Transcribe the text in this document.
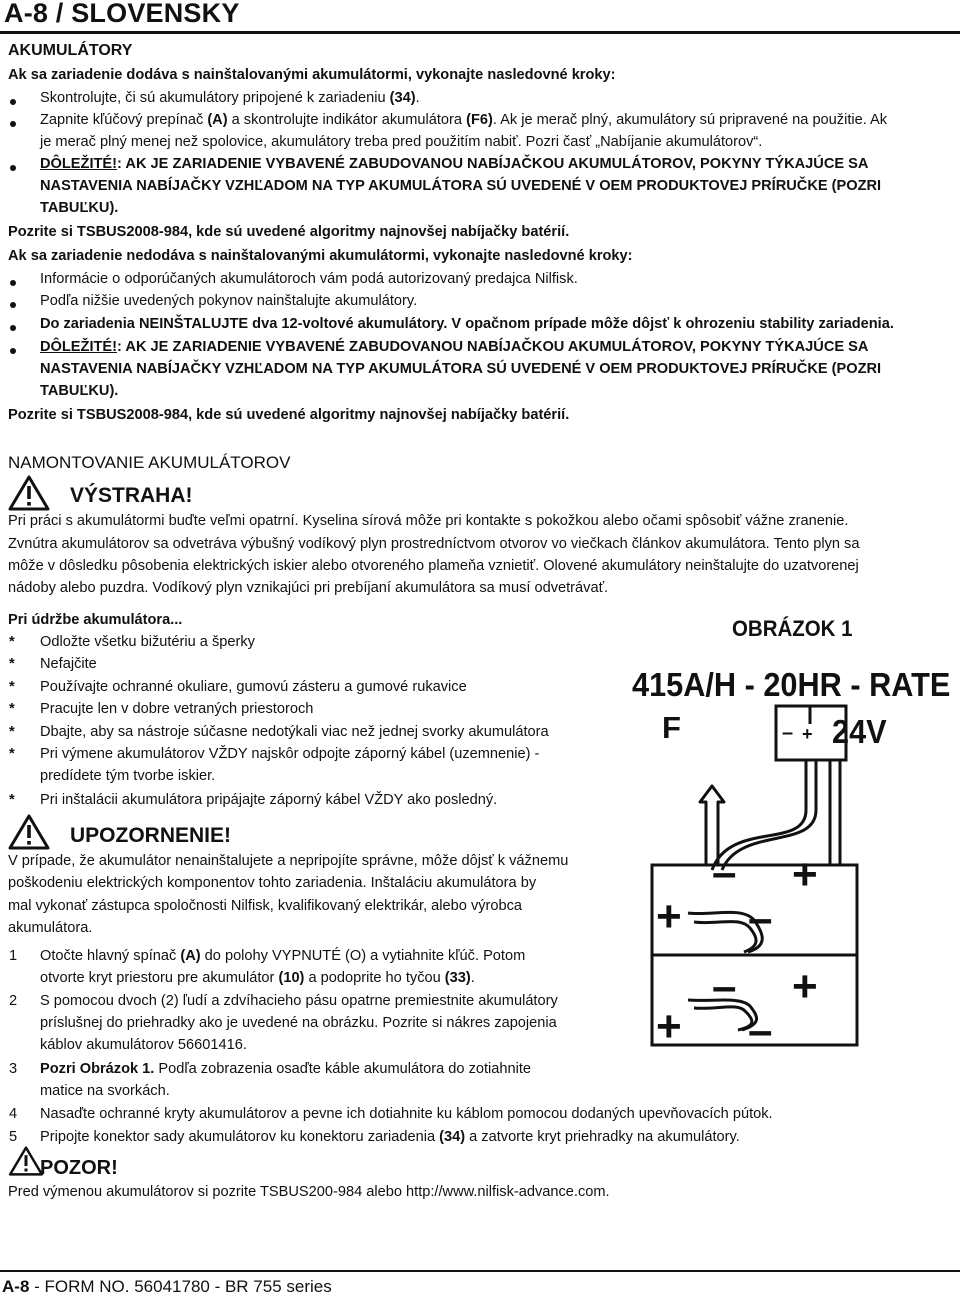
A-8 / SLOVENSKY
AKUMULÁTORY
Ak sa zariadenie dodáva s nainštalovanými akumulátormi, vykonajte nasledovné kroky:
Skontrolujte, či sú akumulátory pripojené k zariadeniu (34).
Zapnite kľúčový prepínač (A) a skontrolujte indikátor akumulátora (F6). Ak je merač plný, akumulátory sú pripravené na použitie. Ak
je merač plný menej než spolovice, akumulátory treba pred použitím nabiť. Pozri časť „Nabíjanie akumulátorov“.
DÔLEŽITÉ!: AK JE ZARIADENIE VYBAVENÉ ZABUDOVANOU NABÍJAČKOU AKUMULÁTOROV, POKYNY TÝKAJÚCE SA
NASTAVENIA NABÍJAČKY VZHĽADOM NA TYP AKUMULÁTORA SÚ UVEDENÉ V OEM PRODUKTOVEJ PRÍRUČKE (POZRI
TABUĽKU).
Pozrite si TSBUS2008-984, kde sú uvedené algoritmy najnovšej nabíjačky batérií.
Ak sa zariadenie nedodáva s nainštalovanými akumulátormi, vykonajte nasledovné kroky:
Informácie o odporúčaných akumulátoroch vám podá autorizovaný predajca Nilfisk.
Podľa nižšie uvedených pokynov nainštalujte akumulátory.
Do zariadenia NEINŠTALUJTE dva 12-voltové akumulátory. V opačnom prípade môže dôjsť k ohrozeniu stability zariadenia.
DÔLEŽITÉ!: AK JE ZARIADENIE VYBAVENÉ ZABUDOVANOU NABÍJAČKOU AKUMULÁTOROV, POKYNY TÝKAJÚCE SA
NASTAVENIA NABÍJAČKY VZHĽADOM NA TYP AKUMULÁTORA SÚ UVEDENÉ V OEM PRODUKTOVEJ PRÍRUČKE (POZRI
TABUĽKU).
Pozrite si TSBUS2008-984, kde sú uvedené algoritmy najnovšej nabíjačky batérií.
NAMONTOVANIE AKUMULÁTOROV
VÝSTRAHA!
Pri práci s akumulátormi buďte veľmi opatrní. Kyselina sírová môže pri kontakte s pokožkou alebo očami spôsobiť vážne zranenie.
Zvnútra akumulátorov sa odvetráva výbušný vodíkový plyn prostredníctvom otvorov vo viečkach článkov akumulátora. Tento plyn sa
môže v dôsledku pôsobenia elektrických iskier alebo otvoreného plameňa vznietiť. Olovené akumulátory neinštalujte do uzatvorenej
nádoby alebo puzdra. Vodíkový plyn vznikajúci pri prebíjaní akumulátora sa musí odvetrávať.
Pri údržbe akumulátora...
* Odložte všetku bižutériu a šperky
* Nefajčite
* Používajte ochranné okuliare, gumovú zásteru a gumové rukavice
* Pracujte len v dobre vetraných priestoroch
* Dbajte, aby sa nástroje súčasne nedotýkali viac než jednej svorky akumulátora
* Pri výmene akumulátorov VŽDY najskôr odpojte záporný kábel (uzemnenie) -
predídete tým tvorbe iskier.
* Pri inštalácii akumulátora pripájajte záporný kábel VŽDY ako posledný.
UPOZORNENIE!
V prípade, že akumulátor nenainštalujete a nepripojíte správne, môže dôjsť k vážnemu
poškodeniu elektrických komponentov tohto zariadenia. Inštaláciu akumulátora by
mal vykonať zástupca spoločnosti Nilfisk, kvalifikovaný elektrikár, alebo výrobca
akumulátora.
1 Otočte hlavný spínač (A) do polohy VYPNUTÉ (O) a vytiahnite kľúč. Potom
otvorte kryt priestoru pre akumulátor (10) a podoprite ho tyčou (33).
2 S pomocou dvoch (2) ľudí a zdvíhacieho pásu opatrne premiestnite akumulátory
príslušnej do priehradky ako je uvedené na obrázku. Pozrite si nákres zapojenia
káblov akumulátorov 56601416.
3 Pozri Obrázok 1. Podľa zobrazenia osaďte káble akumulátora do zotiahnite
matice na svorkách.
4 Nasaďte ochranné kryty akumulátorov a pevne ich dotiahnite ku káblom pomocou dodaných upevňovacích pútok.
5 Pripojte konektor sady akumulátorov ku konektoru zariadenia (34) a zatvorte kryt priehradky na akumulátory.
POZOR!
Pred výmenou akumulátorov si pozrite TSBUS200-984 alebo http://www.nilfisk-advance.com.
OBRÁZOK 1
415A/H - 20HR - RATE
F	24V
– +
– +
+ –
– +
+ –
A-8 - FORM NO. 56041780 - BR 755 series
